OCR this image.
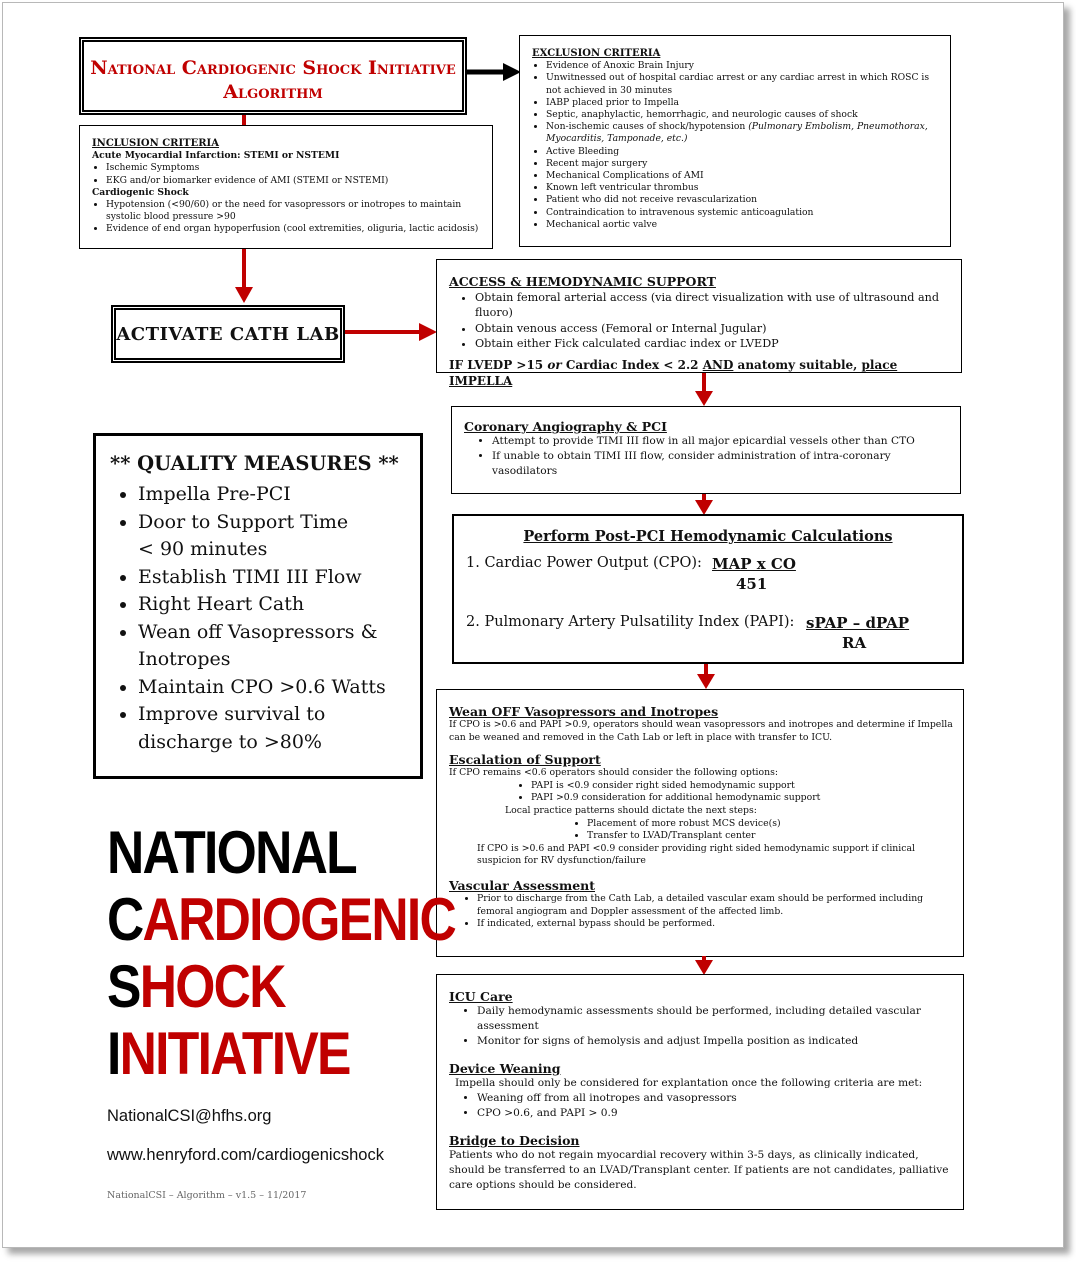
National Cardiogenic Shock Initiative
Algorithm
EXCLUSION CRITERIA
• Evidence of Anoxic Brain Injury
• Unwitnessed out of hospital cardiac arrest or any cardiac arrest in which ROSC is not achieved in 30 minutes
• IABP placed prior to Impella
• Septic, anaphylactic, hemorrhagic, and neurologic causes of shock
• Non-ischemic causes of shock/hypotension (Pulmonary Embolism, Pneumothorax, Myocarditis, Tamponade, etc.)
• Active Bleeding
• Recent major surgery
• Mechanical Complications of AMI
• Known left ventricular thrombus
• Patient who did not receive revascularization
• Contraindication to intravenous systemic anticoagulation
• Mechanical aortic valve
INCLUSION CRITERIA
Acute Myocardial Infarction: STEMI or NSTEMI
• Ischemic Symptoms
• EKG and/or biomarker evidence of AMI (STEMI or NSTEMI)
Cardiogenic Shock
• Hypotension (<90/60) or the need for vasopressors or inotropes to maintain systolic blood pressure >90
• Evidence of end organ hypoperfusion (cool extremities, oliguria, lactic acidosis)
ACTIVATE CATH LAB
ACCESS & HEMODYNAMIC SUPPORT
• Obtain femoral arterial access (via direct visualization with use of ultrasound and fluoro)
• Obtain venous access (Femoral or Internal Jugular)
• Obtain either Fick calculated cardiac index or LVEDP
IF LVEDP >15 or Cardiac Index < 2.2 AND anatomy suitable, place IMPELLA
Coronary Angiography & PCI
• Attempt to provide TIMI III flow in all major epicardial vessels other than CTO
• If unable to obtain TIMI III flow, consider administration of intra-coronary vasodilators
Perform Post-PCI Hemodynamic Calculations
1. Cardiac Power Output (CPO): MAP x CO
451
2. Pulmonary Artery Pulsatility Index (PAPI): sPAP – dPAP
RA
** QUALITY MEASURES **
• Impella Pre-PCI
• Door to Support Time < 90 minutes
• Establish TIMI III Flow
• Right Heart Cath
• Wean off Vasopressors & Inotropes
• Maintain CPO >0.6 Watts
• Improve survival to discharge to >80%
Wean OFF Vasopressors and Inotropes
If CPO is >0.6 and PAPI >0.9, operators should wean vasopressors and inotropes and determine if Impella can be weaned and removed in the Cath Lab or left in place with transfer to ICU.
Escalation of Support
If CPO remains <0.6 operators should consider the following options:
• PAPI is <0.9 consider right sided hemodynamic support
• PAPI >0.9 consideration for additional hemodynamic support
Local practice patterns should dictate the next steps:
• Placement of more robust MCS device(s)
• Transfer to LVAD/Transplant center
If CPO is >0.6 and PAPI <0.9 consider providing right sided hemodynamic support if clinical suspicion for RV dysfunction/failure
Vascular Assessment
• Prior to discharge from the Cath Lab, a detailed vascular exam should be performed including femoral angiogram and Doppler assessment of the affected limb.
• If indicated, external bypass should be performed.
ICU Care
• Daily hemodynamic assessments should be performed, including detailed vascular assessment
• Monitor for signs of hemolysis and adjust Impella position as indicated
Device Weaning
Impella should only be considered for explantation once the following criteria are met:
• Weaning off from all inotropes and vasopressors
• CPO >0.6, and PAPI > 0.9
Bridge to Decision
Patients who do not regain myocardial recovery within 3-5 days, as clinically indicated, should be transferred to an LVAD/Transplant center. If patients are not candidates, palliative care options should be considered.
NATIONAL
CARDIOGENIC
SHOCK
INITIATIVE
NationalCSI@hfhs.org
www.henryford.com/cardiogenicshock
NationalCSI – Algorithm – v1.5 – 11/2017
